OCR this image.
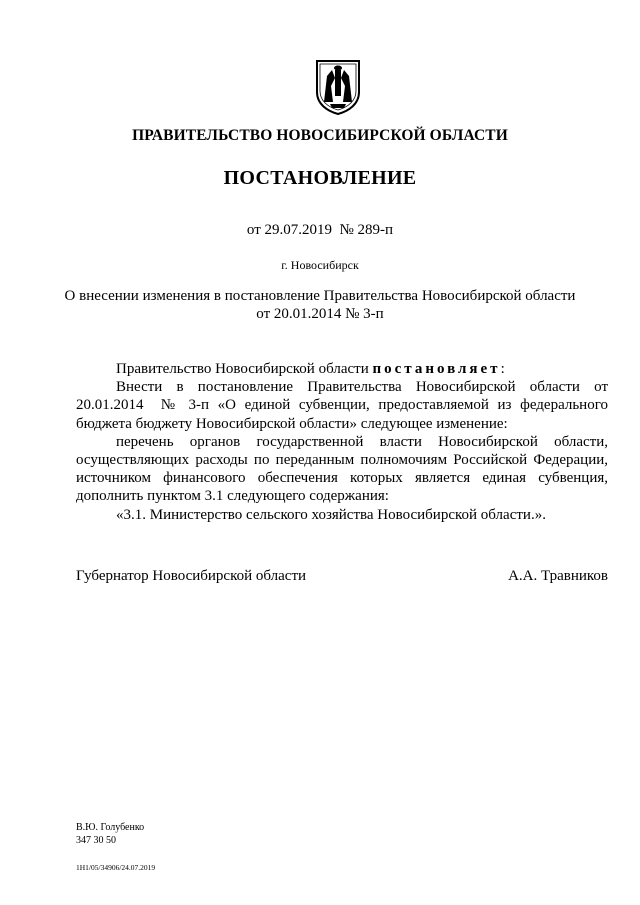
ПРАВИТЕЛЬСТВО НОВОСИБИРСКОЙ ОБЛАСТИ
ПОСТАНОВЛЕНИЕ
от 29.07.2019  № 289-п
г. Новосибирск
О внесении изменения в постановление Правительства Новосибирской области
от 20.01.2014 № 3-п

Правительство Новосибирской области постановляет:

Внести в постановление Правительства Новосибирской области от 20.01.2014  № 3-п «О единой субвенции, предоставляемой из федерального бюджета бюджету Новосибирской области» следующее изменение:

перечень органов государственной власти Новосибирской области, осуществляющих расходы по переданным полномочиям Российской Федерации, источником финансового обеспечения которых является единая субвенция, дополнить пунктом 3.1 следующего содержания:

«3.1. Министерство сельского хозяйства Новосибирской области.».

Губернатор Новосибирской области	А.А. Травников
В.Ю. Голубенко
347 30 50
1Н1/05/34906/24.07.2019
